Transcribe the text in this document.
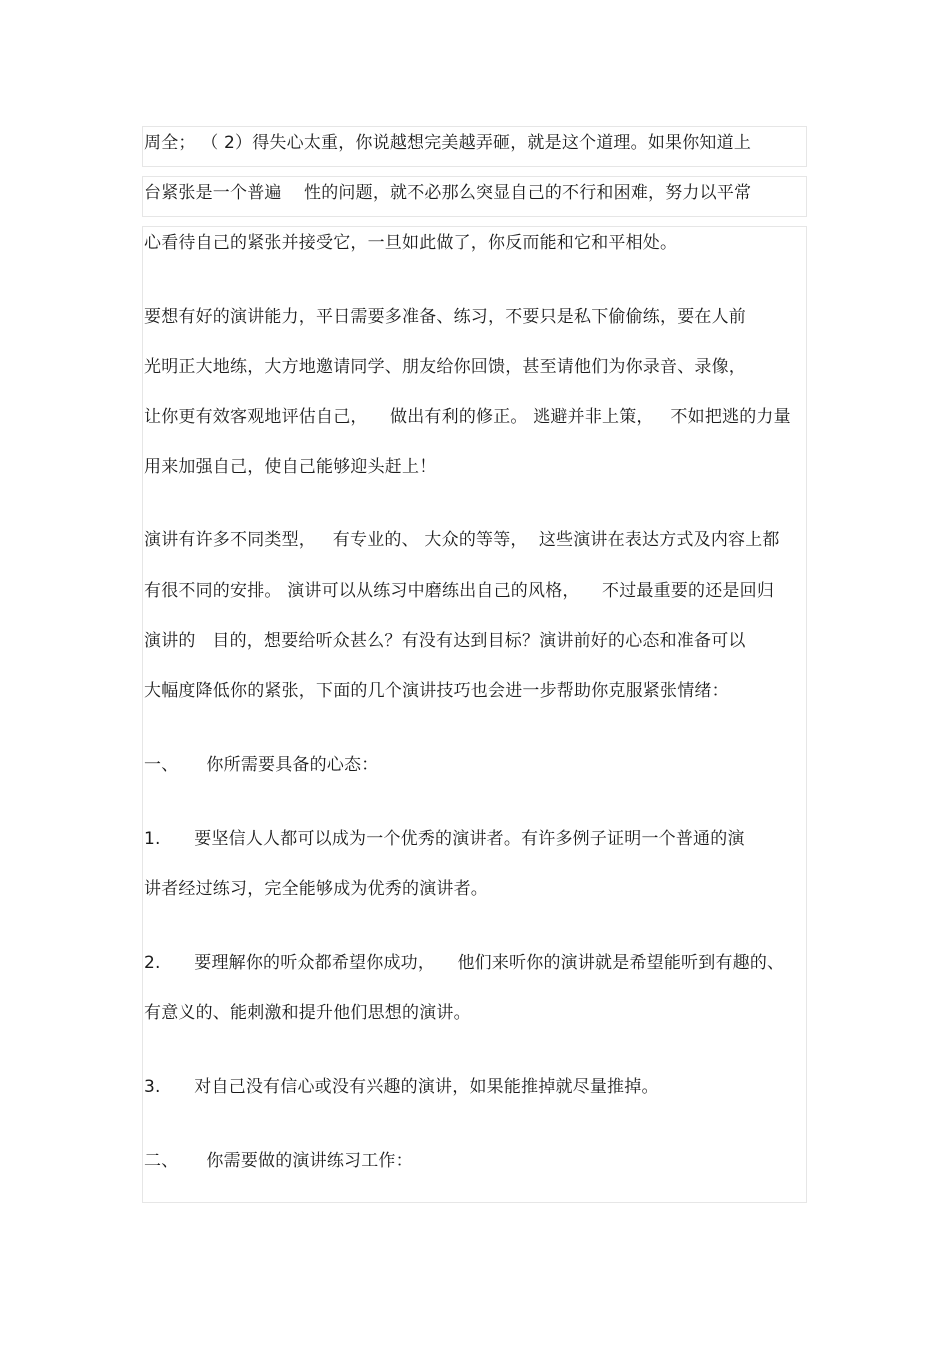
周全； （ 2）得失心太重，你说越想完美越弄砸，就是这个道理。如果你知道上
台紧张是一个普遍    性的问题，就不必那么突显自己的不行和困难，努力以平常
心看待自己的紧张并接受它，一旦如此做了，你反而能和它和平相处。
要想有好的演讲能力，平日需要多准备、练习，不要只是私下偷偷练，要在人前
光明正大地练，大方地邀请同学、朋友给你回馈，甚至请他们为你录音、录像，
让你更有效客观地评估自己，    做出有利的修正。 逃避并非上策，   不如把逃的力量
用来加强自己，使自己能够迎头赶上！
演讲有许多不同类型，   有专业的、 大众的等等，  这些演讲在表达方式及内容上都
有很不同的安排。 演讲可以从练习中磨练出自己的风格，    不过最重要的还是回归
演讲的   目的，想要给听众甚么？有没有达到目标？演讲前好的心态和准备可以
大幅度降低你的紧张，下面的几个演讲技巧也会进一步帮助你克服紧张情绪：
一、     你所需要具备的心态：
1.      要坚信人人都可以成为一个优秀的演讲者。有许多例子证明一个普通的演
讲者经过练习，完全能够成为优秀的演讲者。
2.      要理解你的听众都希望你成功，    他们来听你的演讲就是希望能听到有趣的、
有意义的、能刺激和提升他们思想的演讲。
3.      对自己没有信心或没有兴趣的演讲，如果能推掉就尽量推掉。
二、     你需要做的演讲练习工作：
